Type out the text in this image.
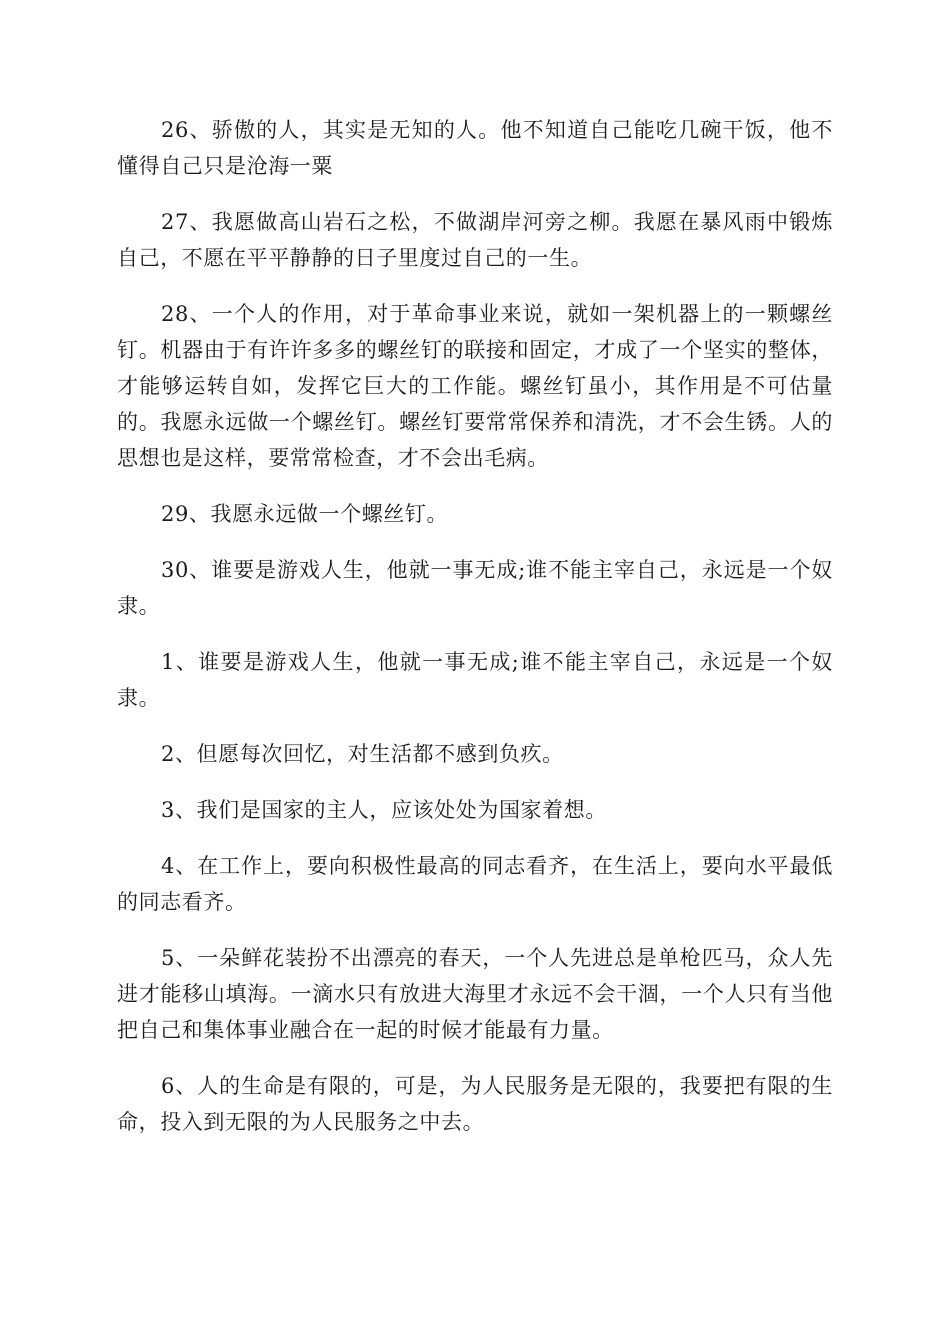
26、骄傲的人，其实是无知的人。他不知道自己能吃几碗干饭，他不懂得自己只是沧海一粟

27、我愿做高山岩石之松，不做湖岸河旁之柳。我愿在暴风雨中锻炼自己，不愿在平平静静的日子里度过自己的一生。

28、一个人的作用，对于革命事业来说，就如一架机器上的一颗螺丝钉。机器由于有许许多多的螺丝钉的联接和固定，才成了一个坚实的整体，才能够运转自如，发挥它巨大的工作能。螺丝钉虽小，其作用是不可估量的。我愿永远做一个螺丝钉。螺丝钉要常常保养和清洗，才不会生锈。人的思想也是这样，要常常检查，才不会出毛病。

29、我愿永远做一个螺丝钉。

30、谁要是游戏人生，他就一事无成;谁不能主宰自己，永远是一个奴隶。

1、谁要是游戏人生，他就一事无成;谁不能主宰自己，永远是一个奴隶。

2、但愿每次回忆，对生活都不感到负疚。

3、我们是国家的主人，应该处处为国家着想。

4、在工作上，要向积极性最高的同志看齐，在生活上，要向水平最低的同志看齐。

5、一朵鲜花装扮不出漂亮的春天，一个人先进总是单枪匹马，众人先进才能移山填海。一滴水只有放进大海里才永远不会干涸，一个人只有当他把自己和集体事业融合在一起的时候才能最有力量。

6、人的生命是有限的，可是，为人民服务是无限的，我要把有限的生命，投入到无限的为人民服务之中去。
